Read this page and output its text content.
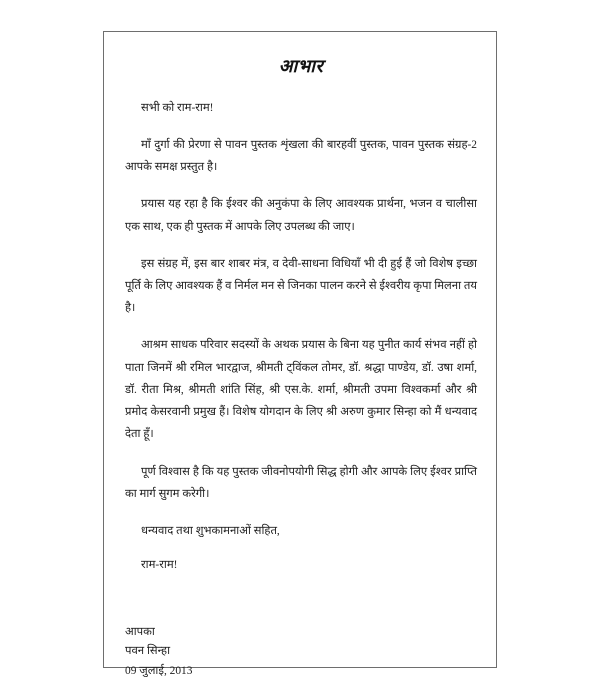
आभार

सभी को राम-राम!

माँ दुर्गा की प्रेरणा से पावन पुस्तक शृंखला की बारहवीं पुस्तक, पावन पुस्तक संग्रह-2 आपके समक्ष प्रस्तुत है।

प्रयास यह रहा है कि ईश्वर की अनुकंपा के लिए आवश्यक प्रार्थना, भजन व चालीसा एक साथ, एक ही पुस्तक में आपके लिए उपलब्ध की जाए।

इस संग्रह में, इस बार शाबर मंत्र, व देवी-साधना विधियाँ भी दी हुई हैं जो विशेष इच्छा पूर्ति के लिए आवश्यक हैं व निर्मल मन से जिनका पालन करने से ईश्वरीय कृपा मिलना तय है।

आश्रम साधक परिवार सदस्यों के अथक प्रयास के बिना यह पुनीत कार्य संभव नहीं हो पाता जिनमें श्री रमिल भारद्वाज, श्रीमती ट्विंकल तोमर, डॉ. श्रद्धा पाण्डेय, डॉ. उषा शर्मा, डॉ. रीता मिश्र, श्रीमती शांति सिंह, श्री एस.के. शर्मा, श्रीमती उपमा विश्वकर्मा और श्री प्रमोद केसरवानी प्रमुख हैं। विशेष योगदान के लिए श्री अरुण कुमार सिन्हा को मैं धन्यवाद देता हूँ।

पूर्ण विश्वास है कि यह पुस्तक जीवनोपयोगी सिद्ध होगी और आपके लिए ईश्वर प्राप्ति का मार्ग सुगम करेगी।

धन्यवाद तथा शुभकामनाओं सहित,

राम-राम!

आपका
पवन सिन्हा
09 जुलाई, 2013
